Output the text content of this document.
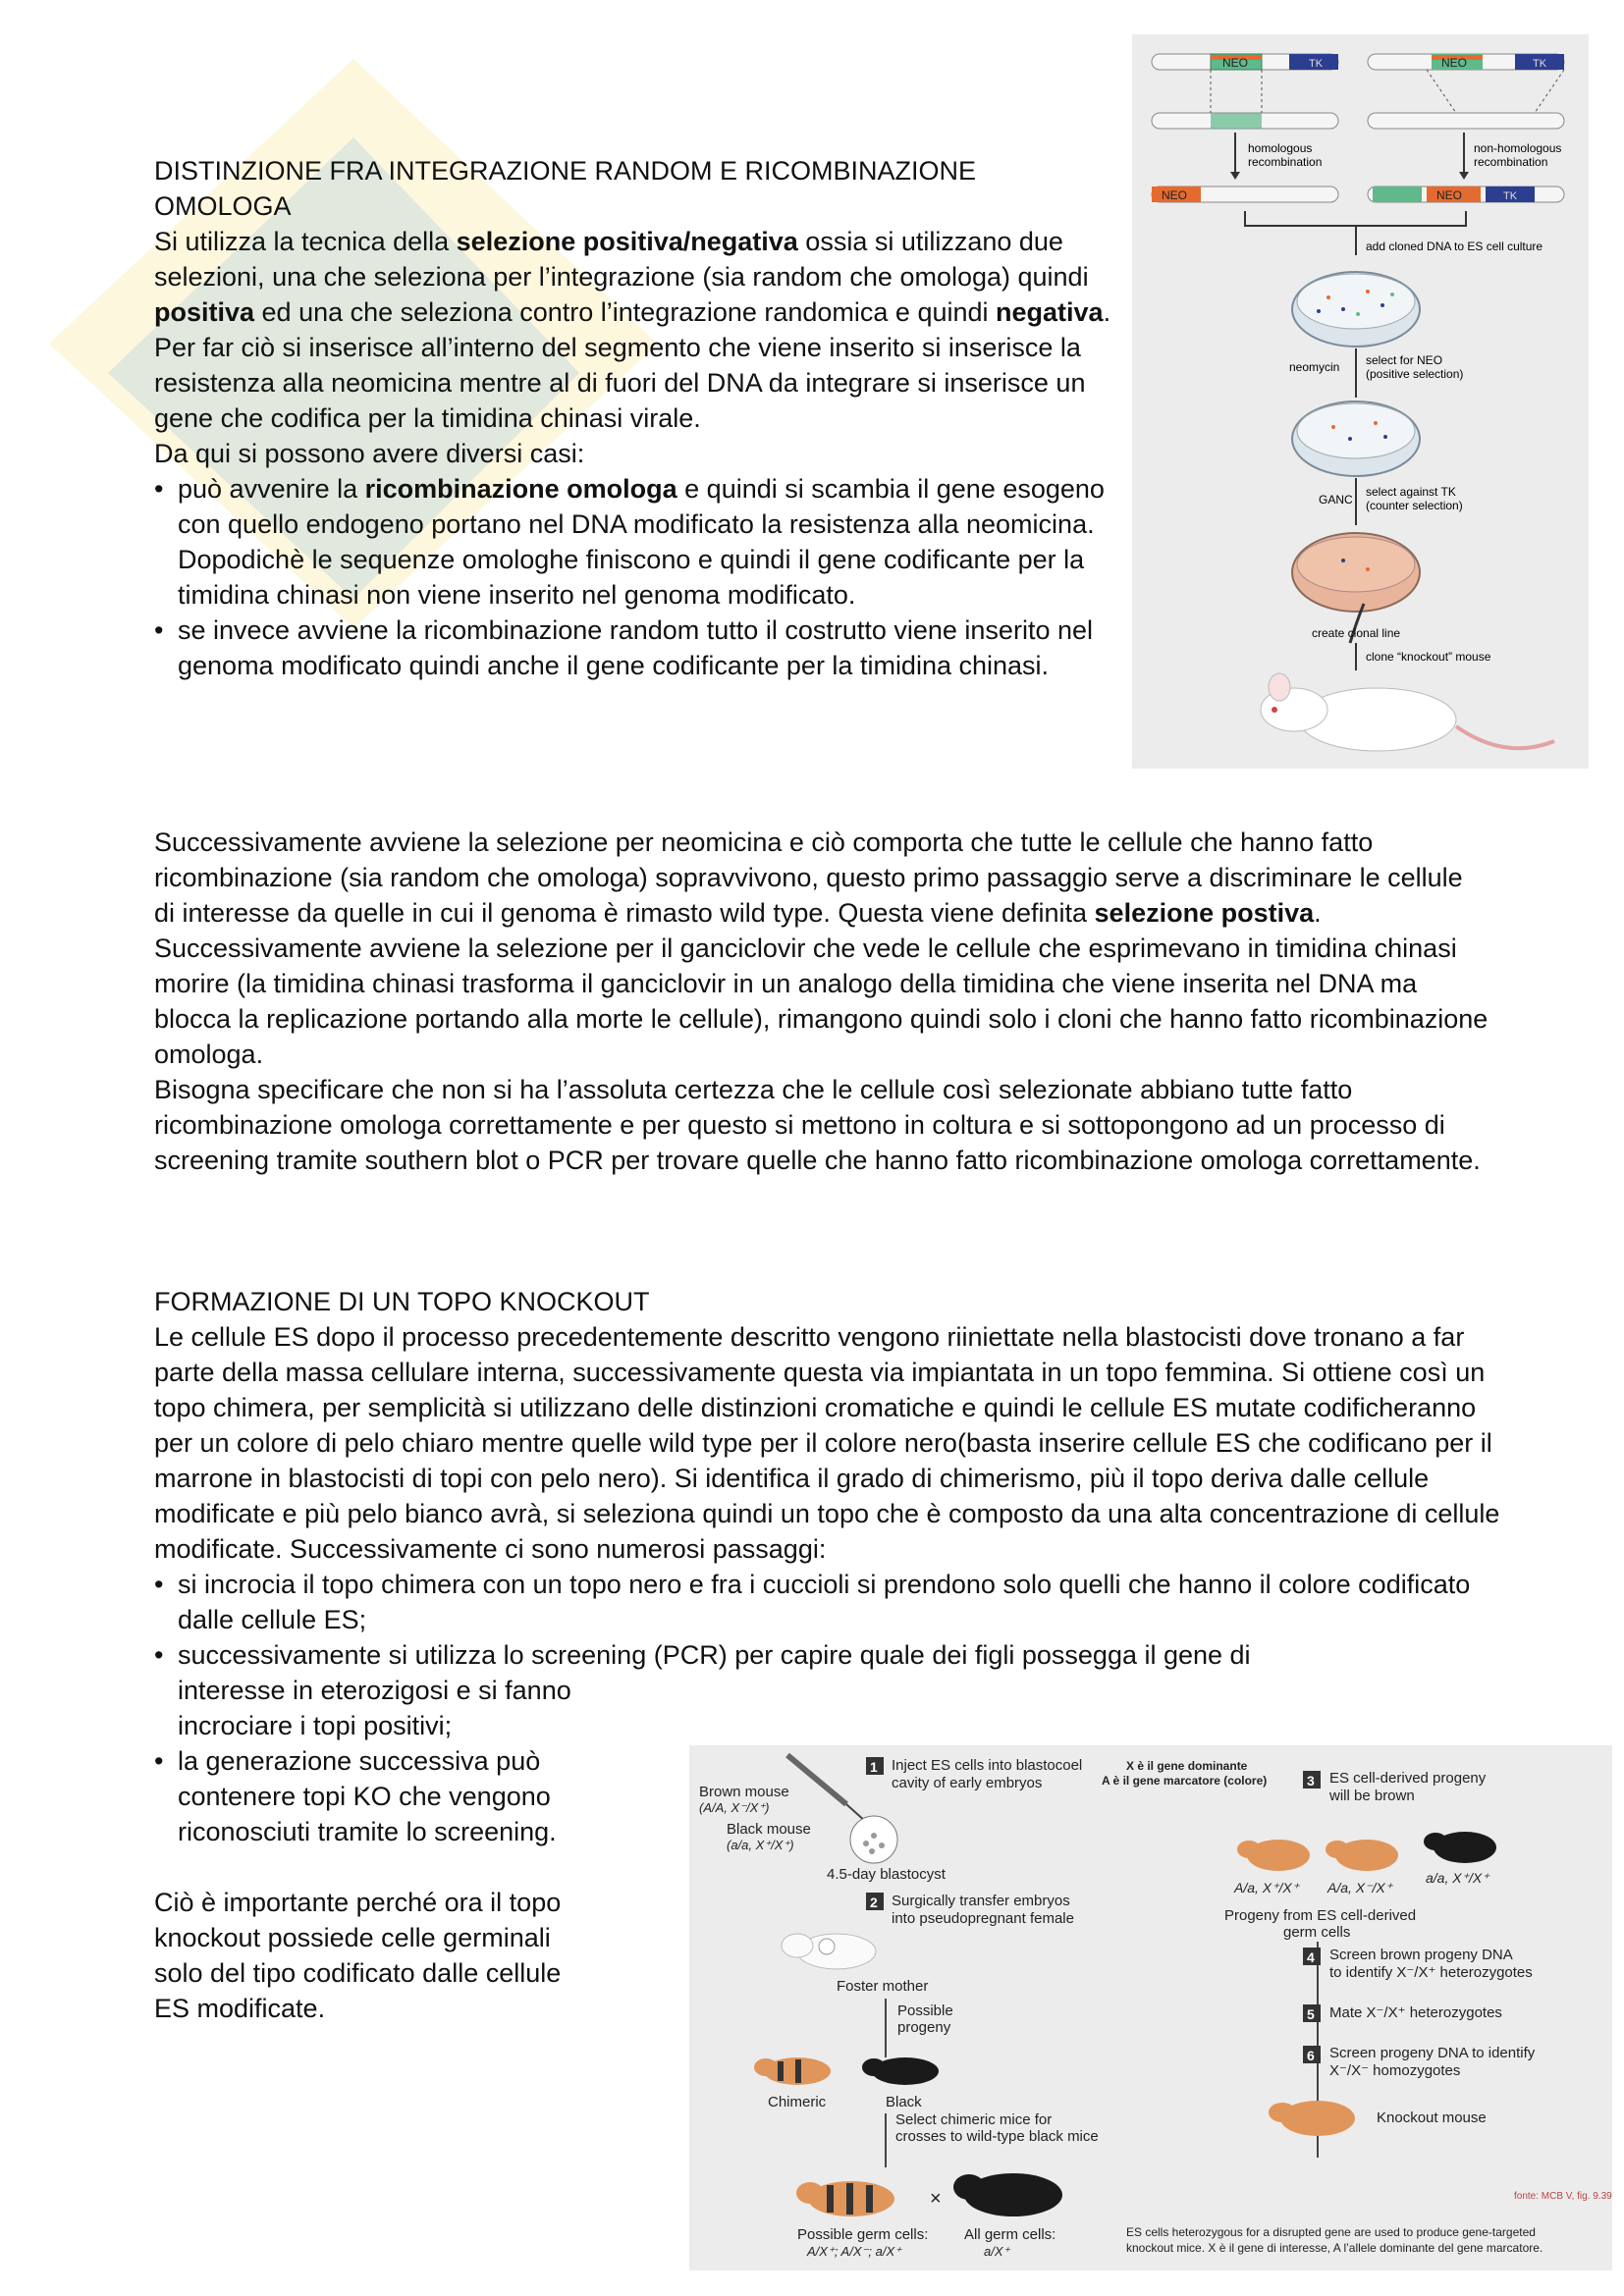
DISTINZIONE FRA INTEGRAZIONE RANDOM E RICOMBINAZIONE
OMOLOGA

Si utilizza la tecnica della selezione positiva/negativa ossia si utilizzano due selezioni, una che seleziona per l’integrazione (sia random che omologa) quindi positiva ed una che seleziona contro l’integrazione randomica e quindi negativa.

Per far ciò si inserisce all’interno del segmento che viene inserito si inserisce la resistenza alla neomicina mentre al di fuori del DNA da integrare si inserisce un gene che codifica per la timidina chinasi virale.

Da qui si possono avere diversi casi:

• può avvenire la ricombinazione omologa e quindi si scambia il gene esogeno con quello endogeno portano nel DNA modificato la resistenza alla neomicina. Dopodichè le sequenze omologhe finiscono e quindi il gene codificante per la timidina chinasi non viene inserito nel genoma modificato.
• se invece avviene la ricombinazione random tutto il costrutto viene inserito nel genoma modificato quindi anche il gene codificante per la timidina chinasi.
NEO	TK
homologous
recombination
NEO
NEO	TK
non-homologous
recombination
NEO	TK
add cloned DNA to ES cell culture
neomycin select for NEO
(positive selection)
GANC
select against TK
(counter selection)
create clonal line
clone “knockout” mouse

Successivamente avviene la selezione per neomicina e ciò comporta che tutte le cellule che hanno fatto ricombinazione (sia random che omologa) sopravvivono, questo primo passaggio serve a discriminare le cellule di interesse da quelle in cui il genoma è rimasto wild type. Questa viene definita selezione postiva.

Successivamente avviene la selezione per il ganciclovir che vede le cellule che esprimevano in timidina chinasi morire (la timidina chinasi trasforma il ganciclovir in un analogo della timidina che viene inserita nel DNA ma blocca la replicazione portando alla morte le cellule), rimangono quindi solo i cloni che hanno fatto ricombinazione omologa.

Bisogna specificare che non si ha l’assoluta certezza che le cellule così selezionate abbiano tutte fatto ricombinazione omologa correttamente e per questo si mettono in coltura e si sottopongono ad un processo di screening tramite southern blot o PCR per trovare quelle che hanno fatto ricombinazione omologa correttamente.

FORMAZIONE DI UN TOPO KNOCKOUT

Le cellule ES dopo il processo precedentemente descritto vengono riiniettate nella blastocisti dove tronano a far parte della massa cellulare interna, successivamente questa via impiantata in un topo femmina. Si ottiene così un topo chimera, per semplicità si utilizzano delle distinzioni cromatiche e quindi le cellule ES mutate codificheranno per un colore di pelo chiaro mentre quelle wild type per il colore nero(basta inserire cellule ES che codificano per il marrone in blastocisti di topi con pelo nero). Si identifica il grado di chimerismo, più il topo deriva dalle cellule modificate e più pelo bianco avrà, si seleziona quindi un topo che è composto da una alta concentrazione di cellule modificate. Successivamente ci sono numerosi passaggi:

• si incrocia il topo chimera con un topo nero e fra i cuccioli si prendono solo quelli che hanno il colore codificato dalle cellule ES;
• successivamente si utilizza lo screening (PCR) per capire quale dei figli possegga il gene di
interesse in eterozigosi e si fanno
incrociare i topi positivi;
• la generazione successiva può
contenere topi KO che vengono
riconosciuti tramite lo screening.

Ciò è importante perché ora il topo
knockout possiede celle germinali
solo del tipo codificato dalle cellule
ES modificate.

1 Inject ES cells into blastocoel
cavity of early embryos
X è il gene dominante
A è il gene marcatore (colore)
Brown mouse
(A/A, X⁻/X⁺)
Black mouse
(a/a, X⁺/X⁺)
4.5-day blastocyst
2 Surgically transfer embryos
into pseudopregnant female
Foster mother
Possible
progeny
Chimeric	Black
Select chimeric mice for
crosses to wild-type black mice
×
Possible germ cells:
A/X⁺; A/X⁻; a/X⁺
All germ cells:
a/X⁺
3 ES cell-derived progeny
will be brown
A/a, X⁺/X⁺ A/a, X⁻/X⁺
a/a, X⁺/X⁺
Progeny from ES cell-derived
germ cells
4 Screen brown progeny DNA
to identify X⁻/X⁺ heterozygotes
5 Mate X⁻/X⁺ heterozygotes
6 Screen progeny DNA to identify
X⁻/X⁻ homozygotes
Knockout mouse
fonte: MCB V, fig. 9.39
ES cells heterozygous for a disrupted gene are used to produce gene-targeted
knockout mice. X è il gene di interesse, A l’allele dominante del gene marcatore.
